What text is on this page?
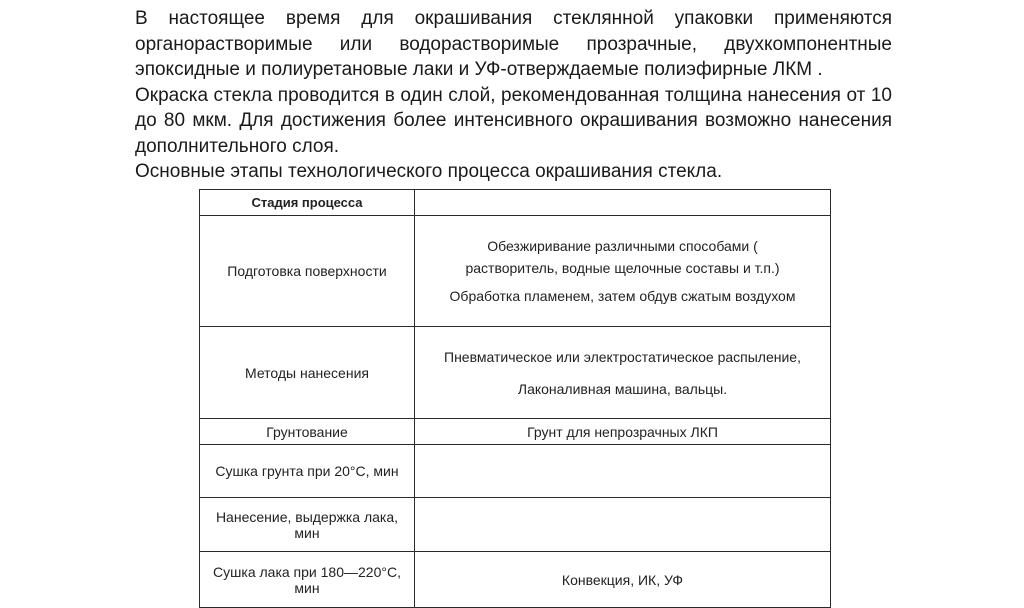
В настоящее время для окрашивания стеклянной упаковки применяются органорастворимые или водорастворимые прозрачные, двухкомпонентные эпоксидные и полиуретановые лаки и УФ-отверждаемые полиэфирные ЛКМ .

Окраска стекла проводится в один слой, рекомендованная толщина нанесения от 10 до 80 мкм. Для достижения более интенсивного окрашивания возможно нанесения дополнительного слоя.

Основные этапы технологического процесса окрашивания стекла.

Стадия процесса	
Подготовка поверхности	Обезжиривание различными способами (
растворитель, водные щелочные составы и т.п.)
Обработка пламенем, затем обдув сжатым воздухом

Методы нанесения	Пневматическое или электростатическое распыление,
Лаконаливная машина, вальцы.

Грунтование	Грунт для непрозрачных ЛКП
Сушка грунта при 20°С, мин	
Нанесение, выдержка лака, мин	
Сушка лака при 180—220°С, мин	Конвекция, ИК, УФ
